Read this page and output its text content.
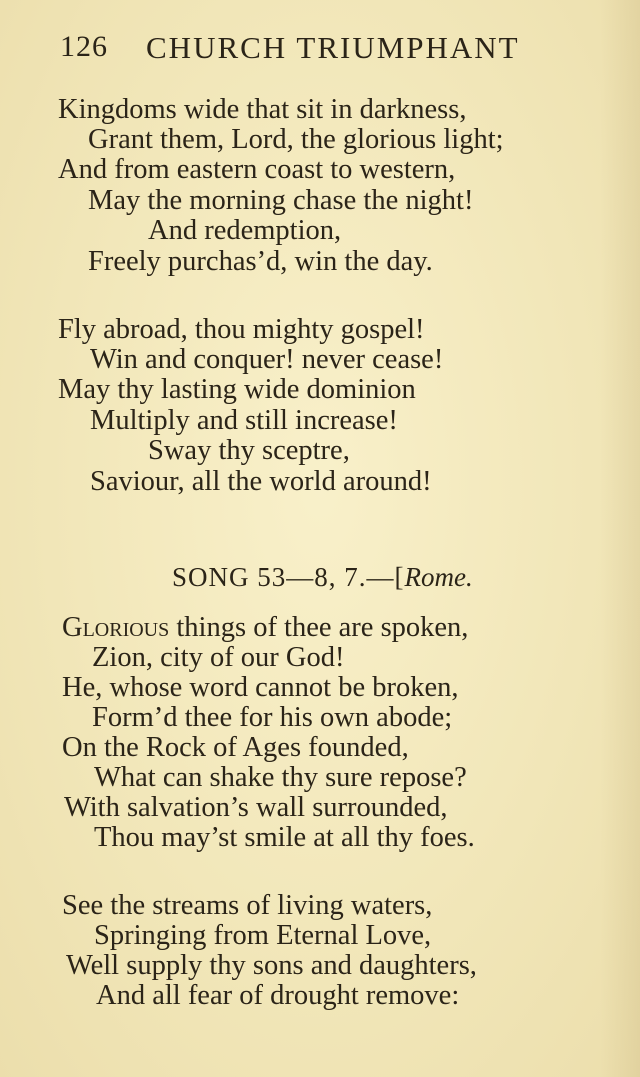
126 CHURCH TRIUMPHANT
Kingdoms wide that sit in darkness,
Grant them, Lord, the glorious light;
And from eastern coast to western,
May the morning chase the night!
And redemption,
Freely purchas’d, win the day.
Fly abroad, thou mighty gospel!
Win and conquer! never cease!
May thy lasting wide dominion
Multiply and still increase!
Sway thy sceptre,
Saviour, all the world around!
SONG 53—8, 7.—[Rome.
Glorious things of thee are spoken,
Zion, city of our God!
He, whose word cannot be broken,
Form’d thee for his own abode;
On the Rock of Ages founded,
What can shake thy sure repose?
With salvation’s wall surrounded,
Thou may’st smile at all thy foes.
See the streams of living waters,
Springing from Eternal Love,
Well supply thy sons and daughters,
And all fear of drought remove:
